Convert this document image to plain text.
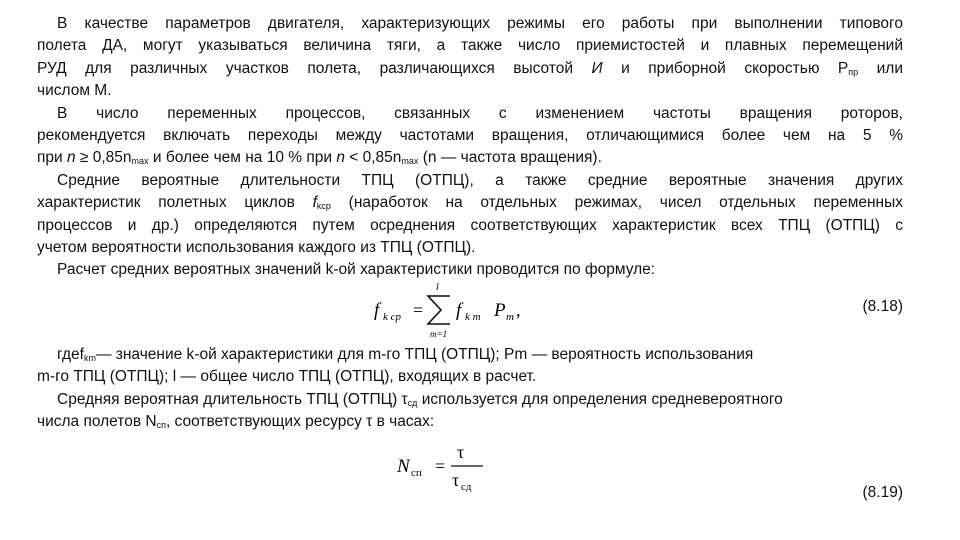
В качестве параметров двигателя, характеризующих режимы его работы при выполнении типового

полета ДА, могут указываться величина тяги, а также число приемистостей и плавных перемещений

РУД для различных участков полета, различающихся высотой И и приборной скоростью $Р_{пр}$ или

числом М.

В число переменных процессов, связанных с изменением частоты вращения роторов,

рекомендуется включать переходы между частотами вращения, отличающимися более чем на 5 %

при $n \ge 0,85n_{max}$ и более чем на 10 % при $n < 0,85n_{max}$ (n — частота вращения).

Средние вероятные длительности ТПЦ (ОТПЦ), а также средние вероятные значения других

характеристик полетных циклов $f_{kср}$ (наработок на отдельных режимах, чисел отдельных переменных

процессов и др.) определяются путем осреднения соответствующих характеристик всех ТПЦ (ОТПЦ) с

учетом вероятности использования каждого из ТПЦ (ОТПЦ).

Расчет средних вероятных значений k-ой характеристики проводится по формуле:

f k ср =
l
m=1
f k m P m ,	(8.18)

гдеf$_{km}$— значение k-ой характеристики для m-го ТПЦ (ОТПЦ); Pm — вероятность использования

m-го ТПЦ (ОТПЦ); l — общее число ТПЦ (ОТПЦ), входящих в расчет.

Средняя вероятная длительность ТПЦ (ОТПЦ) $\tau_{сд}$ используется для определения средневероятного

числа полетов $N_{сп}$, соответствующих ресурсу τ в часах:

N сп =
τ
τ сд	(8.19)
